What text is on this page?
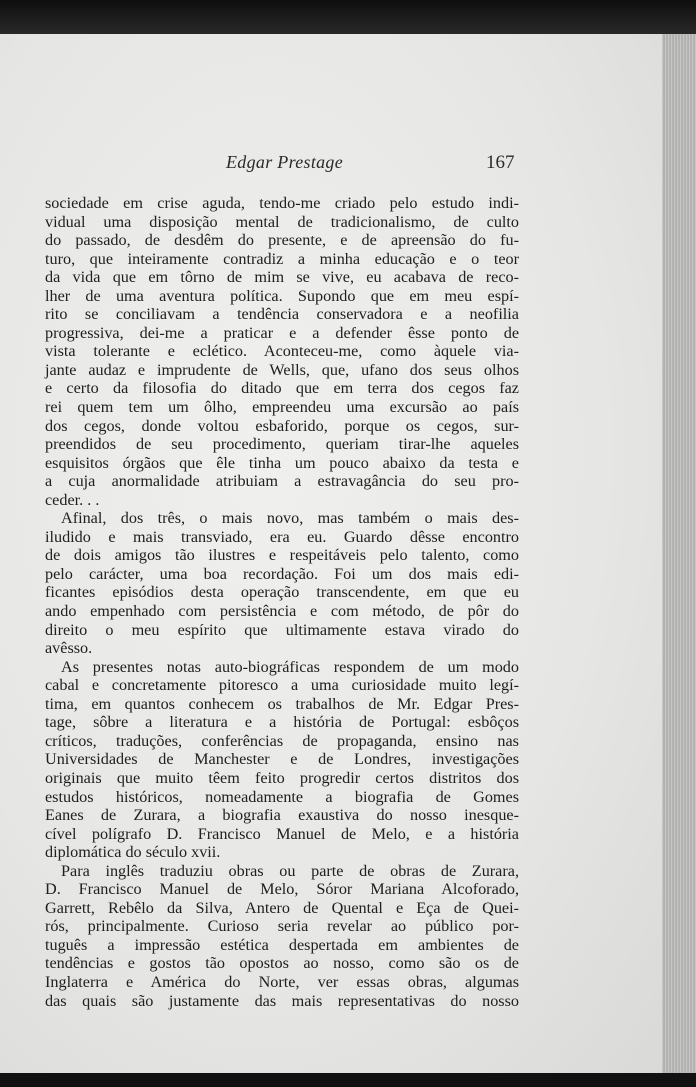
Edgar Prestage	167
sociedade em crise aguda, tendo-me criado pelo estudo indi-
vidual uma disposição mental de tradicionalismo, de culto
do passado, de desdêm do presente, e de apreensão do fu-
turo, que inteiramente contradiz a minha educação e o teor
da vida que em tôrno de mim se vive, eu acabava de reco-
lher de uma aventura política. Supondo que em meu espí-
rito se conciliavam a tendência conservadora e a neofilia
progressiva, dei-me a praticar e a defender êsse ponto de
vista tolerante e eclético. Aconteceu-me, como àquele via-
jante audaz e imprudente de Wells, que, ufano dos seus olhos
e certo da filosofia do ditado que em terra dos cegos faz
rei quem tem um ôlho, empreendeu uma excursão ao país
dos cegos, donde voltou esbaforido, porque os cegos, sur-
preendidos de seu procedimento, queriam tirar-lhe aqueles
esquisitos órgãos que êle tinha um pouco abaixo da testa e
a cuja anormalidade atribuiam a estravagância do seu pro-
ceder. . .
Afinal, dos três, o mais novo, mas também o mais des-
iludido e mais transviado, era eu. Guardo dêsse encontro
de dois amigos tão ilustres e respeitáveis pelo talento, como
pelo carácter, uma boa recordação. Foi um dos mais edi-
ficantes episódios desta operação transcendente, em que eu
ando empenhado com persistência e com método, de pôr do
direito o meu espírito que ultimamente estava virado do
avêsso.
As presentes notas auto-biográficas respondem de um modo
cabal e concretamente pitoresco a uma curiosidade muito legí-
tima, em quantos conhecem os trabalhos de Mr. Edgar Pres-
tage, sôbre a literatura e a história de Portugal: esbôços
críticos, traduções, conferências de propaganda, ensino nas
Universidades de Manchester e de Londres, investigações
originais que muito têem feito progredir certos distritos dos
estudos históricos, nomeadamente a biografia de Gomes
Eanes de Zurara, a biografia exaustiva do nosso inesque-
cível polígrafo D. Francisco Manuel de Melo, e a história
diplomática do século xvii.
Para inglês traduziu obras ou parte de obras de Zurara,
D. Francisco Manuel de Melo, Sóror Mariana Alcoforado,
Garrett, Rebêlo da Silva, Antero de Quental e Eça de Quei-
rós, principalmente. Curioso seria revelar ao público por-
tuguês a impressão estética despertada em ambientes de
tendências e gostos tão opostos ao nosso, como são os de
Inglaterra e América do Norte, ver essas obras, algumas
das quais são justamente das mais representativas do nosso
